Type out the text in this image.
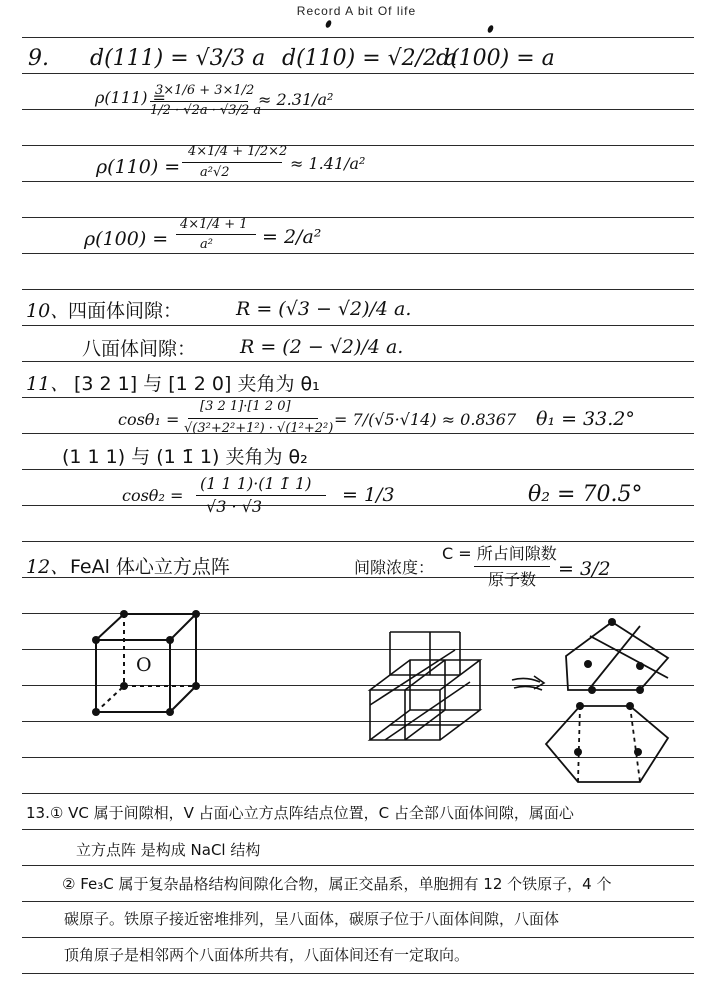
Record A bit Of life
9. d(111) = √3/3 a d(110) = √2/2 a
d(100) = a
ρ(111) =
3×1/6 + 3×1/2
1/2 · √2a · √3/2 a
≈ 2.31/a²
ρ(110) =
4×1/4 + 1/2×2
a²√2	≈ 1.41/a²
ρ(100) =
4×1/4 + 1
a²	= 2/a²
10、
四面体间隙：	R = (√3 − √2)/4 a.
八面体间隙： R = (2 − √2)/4 a.
11、 [3 2 1] 与 [1 2 0] 夹角为 θ₁
cosθ₁ =
[3 2 1]·[1 2 0]
√(3²+2²+1²) · √(1²+2²) = 7/(√5·√14) ≈ 0.8367 θ₁ = 33.2°
(1 1 1) 与 (1 1̄ 1) 夹角为 θ₂
cosθ₂ =
(1 1 1)·(1 1̄ 1)
√3 · √3
= 1/3	θ₂ = 70.5°
12、 FeAl 体心立方点阵	间隙浓度：
C = 所占间隙数
原子数 = 3/2
O
13.① VC 属于间隙相，V 占面心立方点阵结点位置，C 占全部八面体间隙，属面心
立方点阵 是构成 NaCl 结构
② Fe₃C 属于复杂晶格结构间隙化合物，属正交晶系，单胞拥有 12 个铁原子，4 个
碳原子。铁原子接近密堆排列，呈八面体，碳原子位于八面体间隙，八面体
顶角原子是相邻两个八面体所共有，八面体间还有一定取向。
